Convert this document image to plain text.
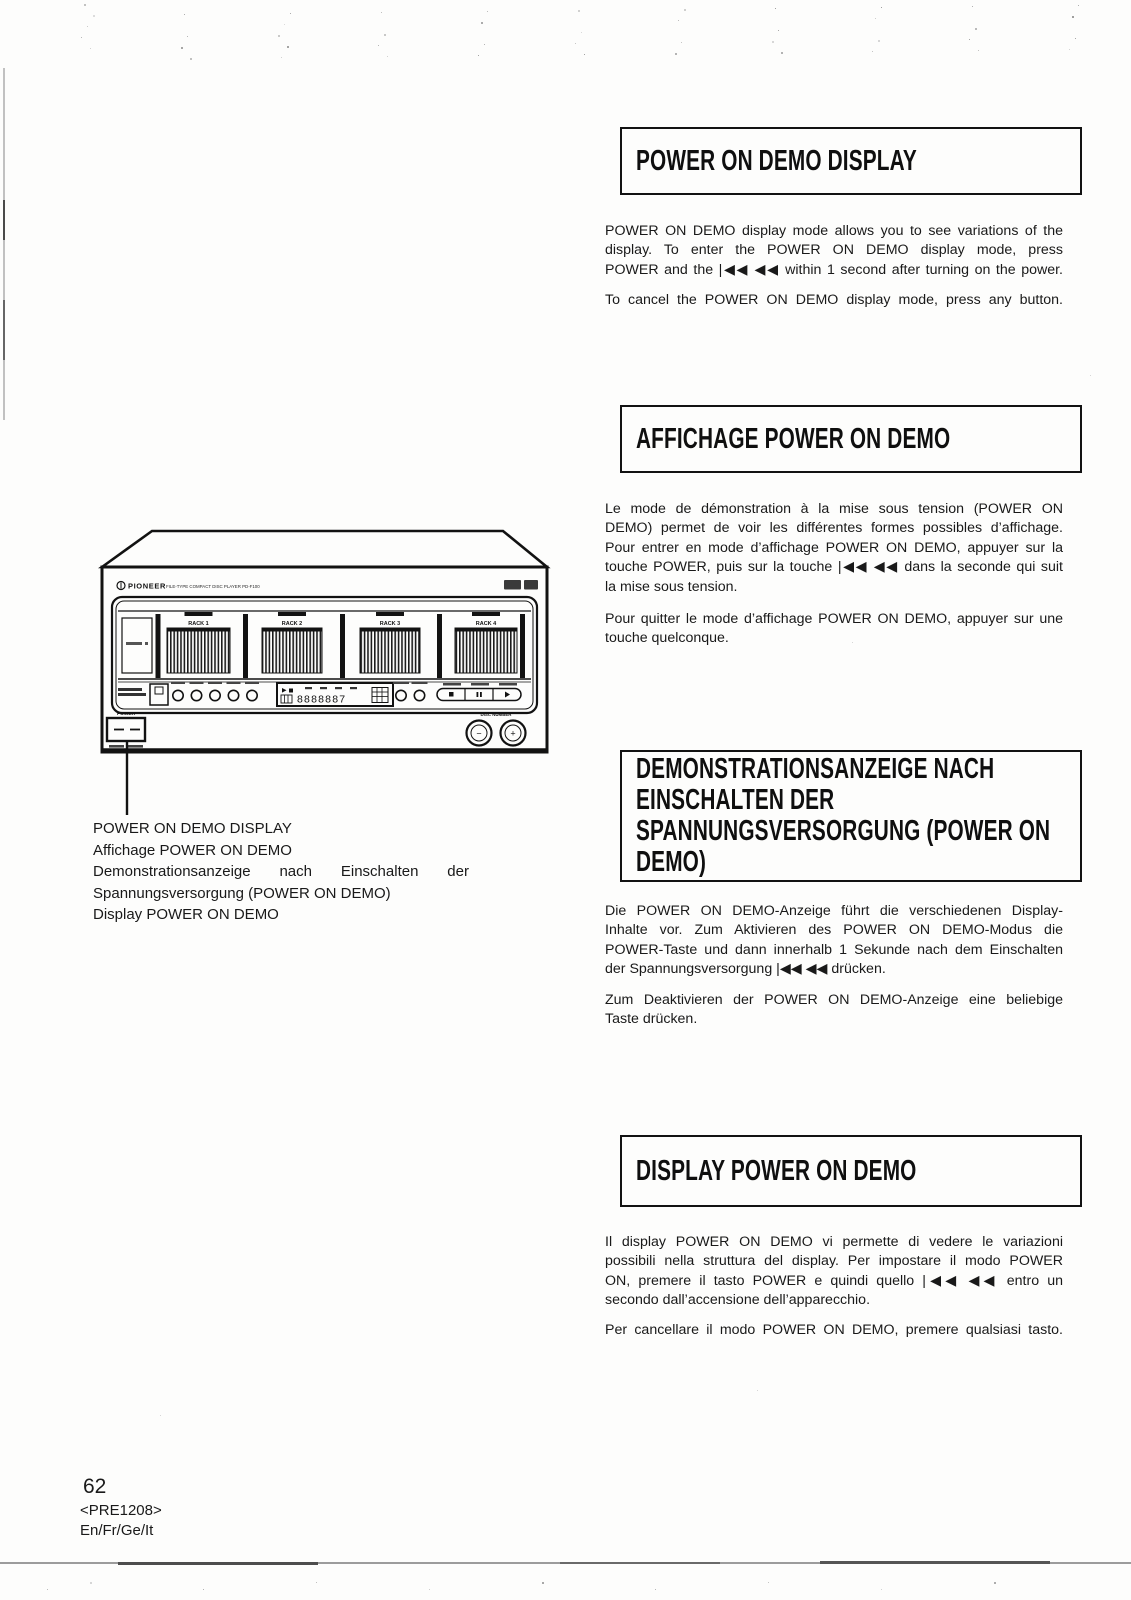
PIONEER FILE-TYPE COMPACT DISC PLAYER PD-F100
RACK 1	RACK 2	RACK 3	RACK 4
8888887
POWER	DISC NUMBER
−	+
POWER ON DEMO DISPLAY
Affichage POWER ON DEMO
Demonstrationsanzeige nach Einschalten der
Spannungsversorgung (POWER ON DEMO)
Display POWER ON DEMO
POWER ON DEMO DISPLAY
POWER ON DEMO display mode allows you to see variations of the
display. To enter the POWER ON DEMO display mode, press
POWER and the |◀◀ ◀◀ within 1 second after turning on the power.
To cancel the POWER ON DEMO display mode, press any button.
AFFICHAGE POWER ON DEMO
Le mode de démonstration à la mise sous tension (POWER ON
DEMO) permet de voir les différentes formes possibles d’affichage.
Pour entrer en mode d’affichage POWER ON DEMO, appuyer sur la
touche POWER, puis sur la touche |◀◀ ◀◀ dans la seconde qui suit
la mise sous tension.
Pour quitter le mode d’affichage POWER ON DEMO, appuyer sur une
touche quelconque.
DEMONSTRATIONSANZEIGE NACH
EINSCHALTEN DER
SPANNUNGSVERSORGUNG (POWER ON
DEMO)
Die POWER ON DEMO-Anzeige führt die verschiedenen Display-
Inhalte vor. Zum Aktivieren des POWER ON DEMO-Modus die
POWER-Taste und dann innerhalb 1 Sekunde nach dem Einschalten
der Spannungsversorgung |◀◀ ◀◀ drücken.
Zum Deaktivieren der POWER ON DEMO-Anzeige eine beliebige
Taste drücken.
DISPLAY POWER ON DEMO
Il display POWER ON DEMO vi permette di vedere le variazioni
possibili nella struttura del display. Per impostare il modo POWER
ON, premere il tasto POWER e quindi quello |◀◀ ◀◀ entro un
secondo dall’accensione dell’apparecchio.
Per cancellare il modo POWER ON DEMO, premere qualsiasi tasto.
62
<PRE1208>
En/Fr/Ge/It
